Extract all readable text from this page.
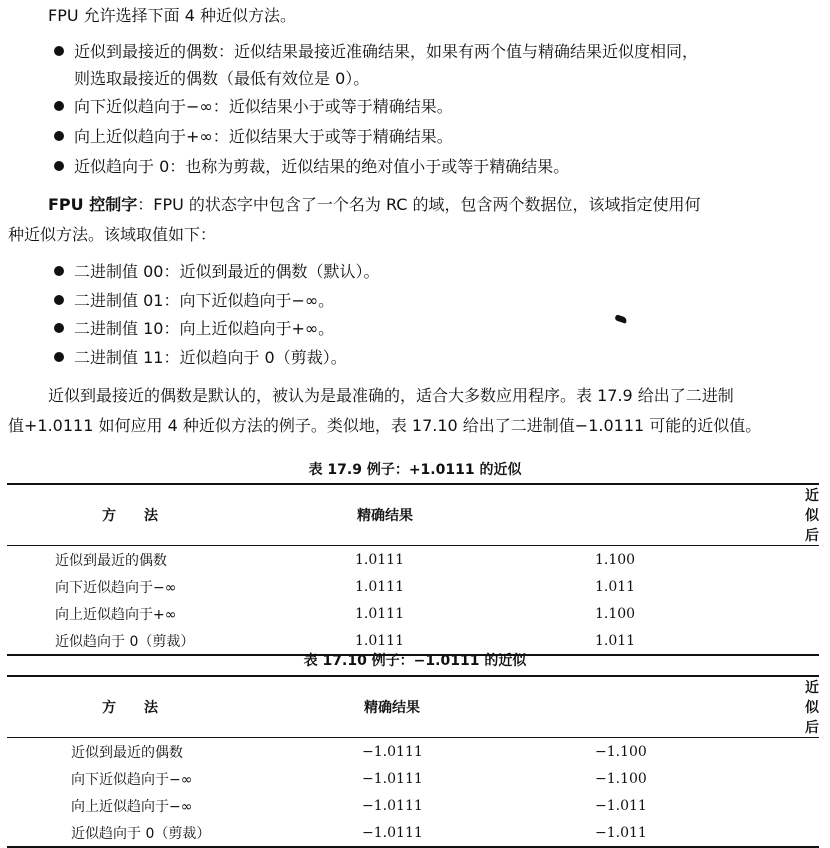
FPU 允许选择下面 4 种近似方法。
近似到最接近的偶数：近似结果最接近准确结果，如果有两个值与精确结果近似度相同，
则选取最接近的偶数（最低有效位是 0）。
向下近似趋向于−∞：近似结果小于或等于精确结果。
向上近似趋向于+∞：近似结果大于或等于精确结果。
近似趋向于 0：也称为剪裁，近似结果的绝对值小于或等于精确结果。
FPU 控制字：FPU 的状态字中包含了一个名为 RC 的域，包含两个数据位，该域指定使用何
种近似方法。该域取值如下：
二进制值 00：近似到最近的偶数（默认）。
二进制值 01：向下近似趋向于−∞。
二进制值 10：向上近似趋向于+∞。
二进制值 11：近似趋向于 0（剪裁）。
近似到最接近的偶数是默认的，被认为是最准确的，适合大多数应用程序。表 17.9 给出了二进制
值+1.0111 如何应用 4 种近似方法的例子。类似地，表 17.10 给出了二进制值−1.0111 可能的近似值。
表 17.9 例子：+1.0111 的近似
方　　法	精确结果	近似后
近似到最近的偶数	1.0111	1.100
向下近似趋向于−∞	1.0111	1.011
向上近似趋向于+∞	1.0111	1.100
近似趋向于 0（剪裁）	1.0111	1.011
表 17.10 例子：−1.0111 的近似
方　　法	精确结果	近似后
近似到最近的偶数	−1.0111	−1.100
向下近似趋向于−∞	−1.0111	−1.100
向上近似趋向于−∞	−1.0111	−1.011
近似趋向于 0（剪裁）	−1.0111	−1.011
